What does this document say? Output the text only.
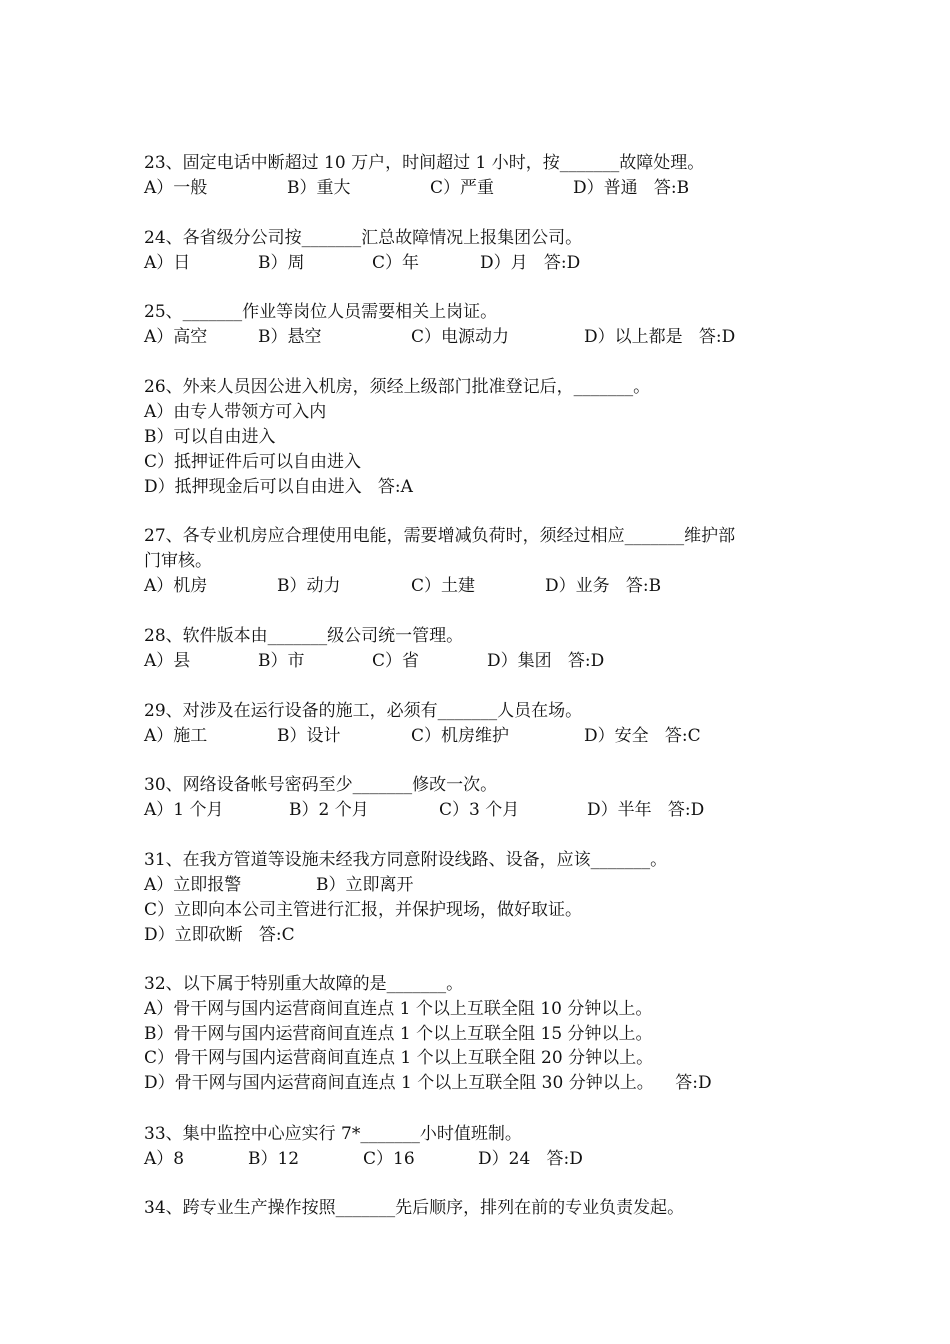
23、固定电话中断超过 10 万户，时间超过 1 小时，按_______故障处理。
A）一般	B）重大	C）严重	D）普通   答:B
24、各省级分公司按_______汇总故障情况上报集团公司。
A）日	B）周	C）年	D）月   答:D
25、_______作业等岗位人员需要相关上岗证。
A）高空	B）悬空	C）电源动力	D）以上都是   答:D
26、外来人员因公进入机房，须经上级部门批准登记后，_______。
A）由专人带领方可入内
B）可以自由进入
C）抵押证件后可以自由进入
D）抵押现金后可以自由进入   答:A
27、各专业机房应合理使用电能，需要增减负荷时，须经过相应_______维护部
门审核。
A）机房	B）动力	C）土建	D）业务   答:B
28、软件版本由_______级公司统一管理。
A）县	B）市	C）省	D）集团   答:D
29、对涉及在运行设备的施工，必须有_______人员在场。
A）施工	B）设计	C）机房维护	D）安全   答:C
30、网络设备帐号密码至少_______修改一次。
A）1 个月	B）2 个月	C）3 个月	D）半年   答:D
31、在我方管道等设施未经我方同意附设线路、设备，应该_______。
A）立即报警	B）立即离开
C）立即向本公司主管进行汇报，并保护现场，做好取证。
D）立即砍断   答:C
32、以下属于特别重大故障的是_______。
A）骨干网与国内运营商间直连点 1 个以上互联全阻 10 分钟以上。
B）骨干网与国内运营商间直连点 1 个以上互联全阻 15 分钟以上。
C）骨干网与国内运营商间直连点 1 个以上互联全阻 20 分钟以上。
D）骨干网与国内运营商间直连点 1 个以上互联全阻 30 分钟以上。    答:D
33、集中监控中心应实行 7*_______小时值班制。
A）8	B）12	C）16	D）24   答:D
34、跨专业生产操作按照_______先后顺序，排列在前的专业负责发起。
